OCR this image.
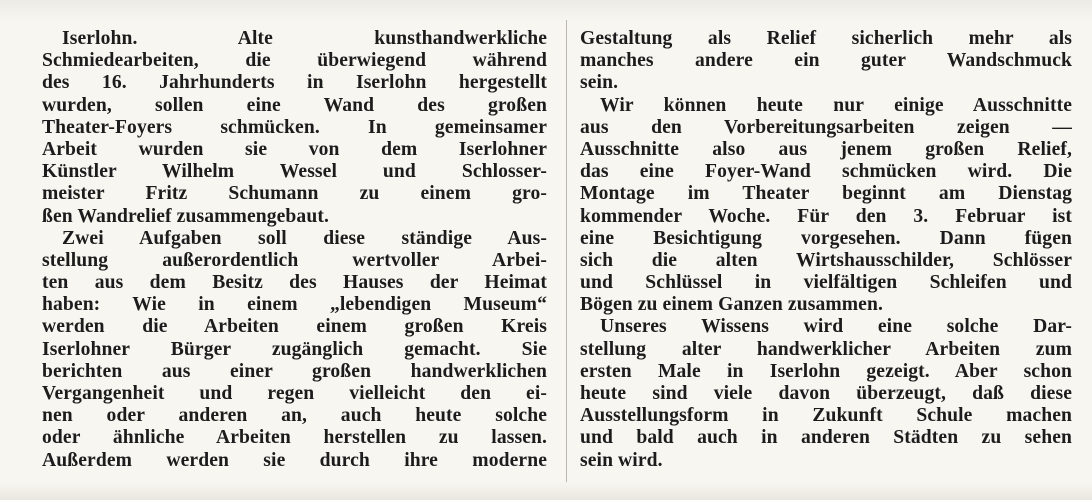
Iserlohn. Alte kunsthandwerkliche
Schmiedearbeiten, die überwiegend während
des 16. Jahrhunderts in Iserlohn hergestellt
wurden, sollen eine Wand des großen
Theater-Foyers schmücken. In gemeinsamer
Arbeit wurden sie von dem Iserlohner
Künstler Wilhelm Wessel und Schlosser-
meister Fritz Schumann zu einem gro-
ßen Wandrelief zusammengebaut.
Zwei Aufgaben soll diese ständige Aus-
stellung außerordentlich wertvoller Arbei-
ten aus dem Besitz des Hauses der Heimat
haben: Wie in einem „lebendigen Museum“
werden die Arbeiten einem großen Kreis
Iserlohner Bürger zugänglich gemacht. Sie
berichten aus einer großen handwerklichen
Vergangenheit und regen vielleicht den ei-
nen oder anderen an, auch heute solche
oder ähnliche Arbeiten herstellen zu lassen.
Außerdem werden sie durch ihre moderne
Gestaltung als Relief sicherlich mehr als
manches andere ein guter Wandschmuck
sein.
Wir können heute nur einige Ausschnitte
aus den Vorbereitungsarbeiten zeigen —
Ausschnitte also aus jenem großen Relief,
das eine Foyer-Wand schmücken wird. Die
Montage im Theater beginnt am Dienstag
kommender Woche. Für den 3. Februar ist
eine Besichtigung vorgesehen. Dann fügen
sich die alten Wirtshausschilder, Schlösser
und Schlüssel in vielfältigen Schleifen und
Bögen zu einem Ganzen zusammen.
Unseres Wissens wird eine solche Dar-
stellung alter handwerklicher Arbeiten zum
ersten Male in Iserlohn gezeigt. Aber schon
heute sind viele davon überzeugt, daß diese
Ausstellungsform in Zukunft Schule machen
und bald auch in anderen Städten zu sehen
sein wird.
